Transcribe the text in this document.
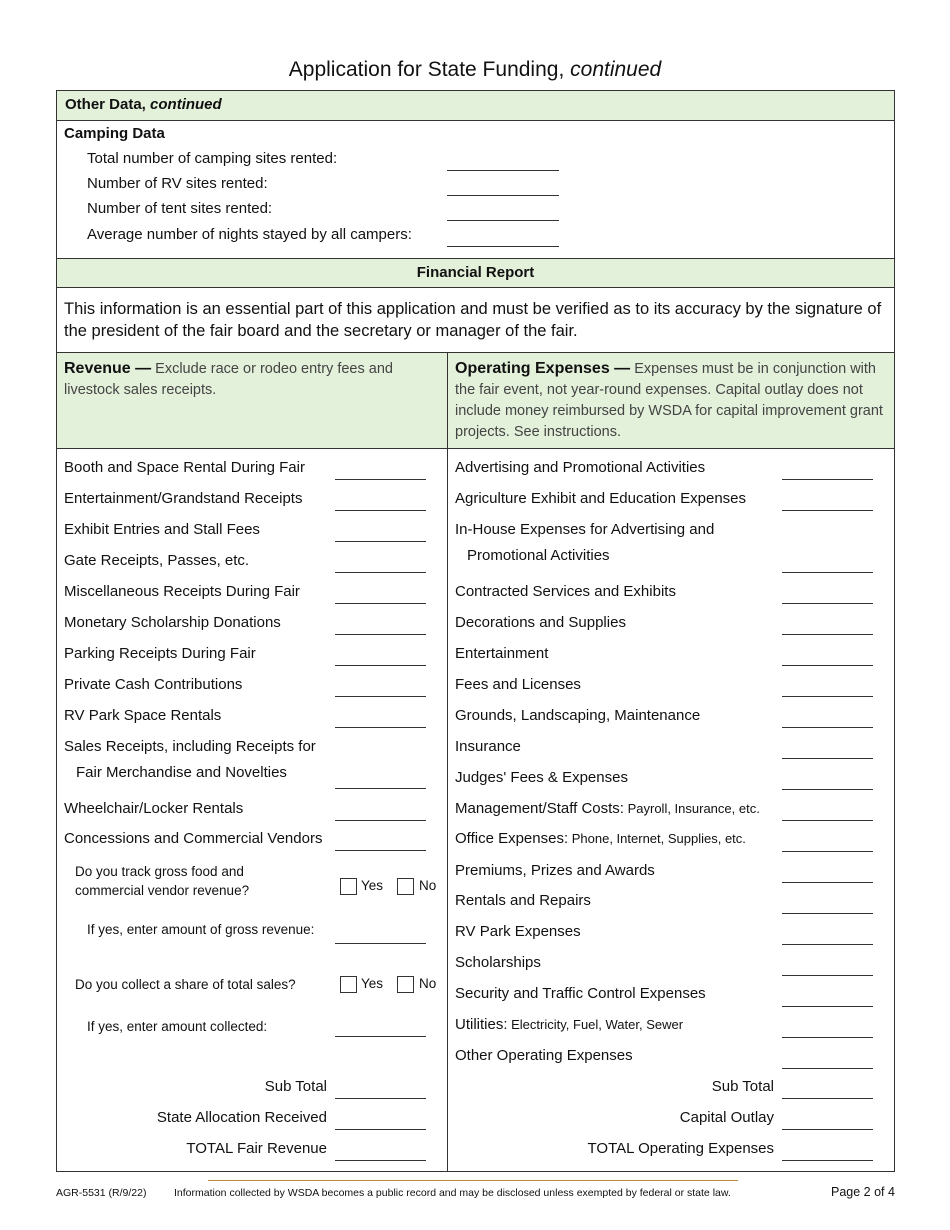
Application for State Funding, continued
Other Data, continued
Camping Data
Total number of camping sites rented:
Number of RV sites rented:
Number of tent sites rented:
Average number of nights stayed by all campers:
Financial Report
This information is an essential part of this application and must be verified as to its accuracy by the signature of the president of the fair board and the secretary or manager of the fair.
Revenue — Exclude race or rodeo entry fees and livestock sales receipts.
Operating Expenses — Expenses must be in conjunction with the fair event, not year-round expenses. Capital outlay does not include money reimbursed by WSDA for capital improvement grant projects. See instructions.
Booth and Space Rental During Fair
Entertainment/Grandstand Receipts
Exhibit Entries and Stall Fees
Gate Receipts, Passes, etc.
Miscellaneous Receipts During Fair
Monetary Scholarship Donations
Parking Receipts During Fair
Private Cash Contributions
RV Park Space Rentals
Sales Receipts, including Receipts for
Fair Merchandise and Novelties
Wheelchair/Locker Rentals
Concessions and Commercial Vendors
Do you track gross food and
commercial vendor revenue?	Yes	No
If yes, enter amount of gross revenue:
Do you collect a share of total sales?	Yes	No
If yes, enter amount collected:
Sub Total
State Allocation Received
TOTAL Fair Revenue
Advertising and Promotional Activities
Agriculture Exhibit and Education Expenses
In-House Expenses for Advertising and
Promotional Activities
Contracted Services and Exhibits
Decorations and Supplies
Entertainment
Fees and Licenses
Grounds, Landscaping, Maintenance
Insurance
Judges' Fees & Expenses
Management/Staff Costs: Payroll, Insurance, etc.
Office Expenses: Phone, Internet, Supplies, etc.
Premiums, Prizes and Awards
Rentals and Repairs
RV Park Expenses
Scholarships
Security and Traffic Control Expenses
Utilities: Electricity, Fuel, Water, Sewer
Other Operating Expenses
Sub Total
Capital Outlay
TOTAL Operating Expenses
AGR-5531 (R/9/22)	Information collected by WSDA becomes a public record and may be disclosed unless exempted by federal or state law.	Page 2 of 4
